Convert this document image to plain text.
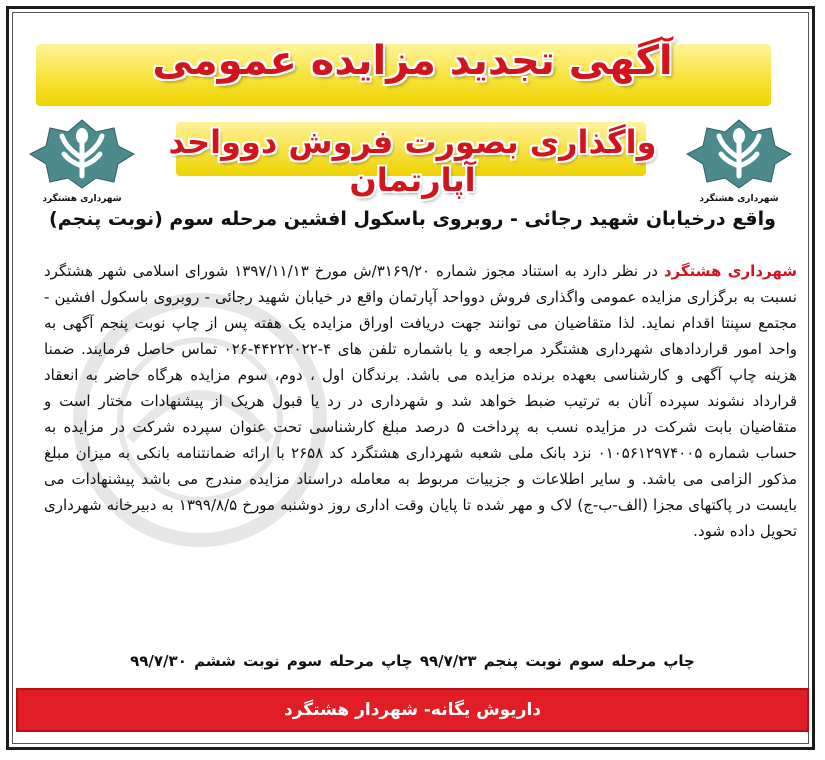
آگهی تجدید مزایده عمومی
واگذاری بصورت فروش دوواحد آپارتمان
شهرداری هشتگرد	شهرداری هشتگرد
واقع درخیابان شهید رجائی - روبروی باسکول افشین مرحله سوم (نوبت پنجم)
شهرداری هشتگرد در نظر دارد به استناد مجوز شماره ۳۱۶۹/۲۰/ش مورخ ۱۳۹۷/۱۱/۱۳ شورای اسلامی شهر هشتگرد نسبت به برگزاری مزایده عمومی واگذاری فروش دوواحد آپارتمان واقع در خیابان شهید رجائی - روبروی باسکول افشین - مجتمع سپنتا اقدام نماید. لذا متقاضیان می توانند جهت دریافت اوراق مزایده یک هفته پس از چاپ نوبت پنجم آگهی به واحد امور قراردادهای شهرداری هشتگرد مراجعه و یا باشماره تلفن های ۴-۴۴۲۲۲۰۲۲-۰۲۶ تماس حاصل فرمایند. ضمنا هزینه چاپ آگهی و کارشناسی بعهده برنده مزایده می باشد. برندگان اول ، دوم، سوم مزایده هرگاه حاضر به انعقاد قرارداد نشوند سپرده آنان به ترتیب ضبط خواهد شد و شهرداری در رد یا قبول هریک از پیشنهادات مختار است و متقاضیان بابت شرکت در مزایده نسب به پرداخت ۵ درصد مبلغ کارشناسی تحت عنوان سپرده شرکت در مزایده به حساب شماره ۰۱۰۵۶۱۲۹۷۴۰۰۵ نزد بانک ملی شعبه شهرداری هشتگرد کد ۲۶۵۸ با ارائه ضمانتنامه بانکی به میزان مبلغ مذکور الزامی می باشد. و سایر اطلاعات و جزییات مربوط به معامله دراسناد مزایده مندرج می باشد پیشنهادات می بایست در پاکتهای مجزا (الف-ب-ج) لاک و مهر شده تا پایان وقت اداری روز دوشنبه مورخ ۱۳۹۹/۸/۵ به دبیرخانه شهرداری تحویل داده شود.
چاپ مرحله سوم نوبت پنجم ۹۹/۷/۲۳ چاپ مرحله سوم نوبت ششم ۹۹/۷/۳۰
داریوش یگانه- شهردار هشتگرد
